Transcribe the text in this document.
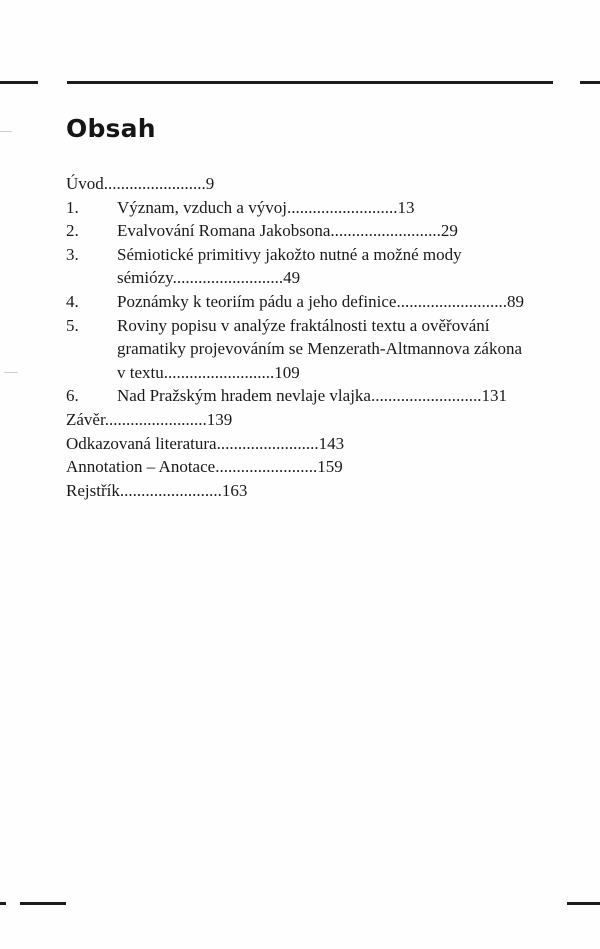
Obsah
Úvod........................9
1.	Význam, vzduch a vývoj..........................13
2.	Evalvování Romana Jakobsona..........................29
3.	Sémiotické primitivy jakožto nutné a možné mody
sémiózy..........................49
4.	Poznámky k teoriím pádu a jeho definice..........................89
5.	Roviny popisu v analýze fraktálnosti textu a ověřování
gramatiky projevováním se Menzerath-Altmannova zákona
v textu..........................109
6.	Nad Pražským hradem nevlaje vlajka..........................131
Závěr........................139
Odkazovaná literatura........................143
Annotation – Anotace........................159
Rejstřík........................163
